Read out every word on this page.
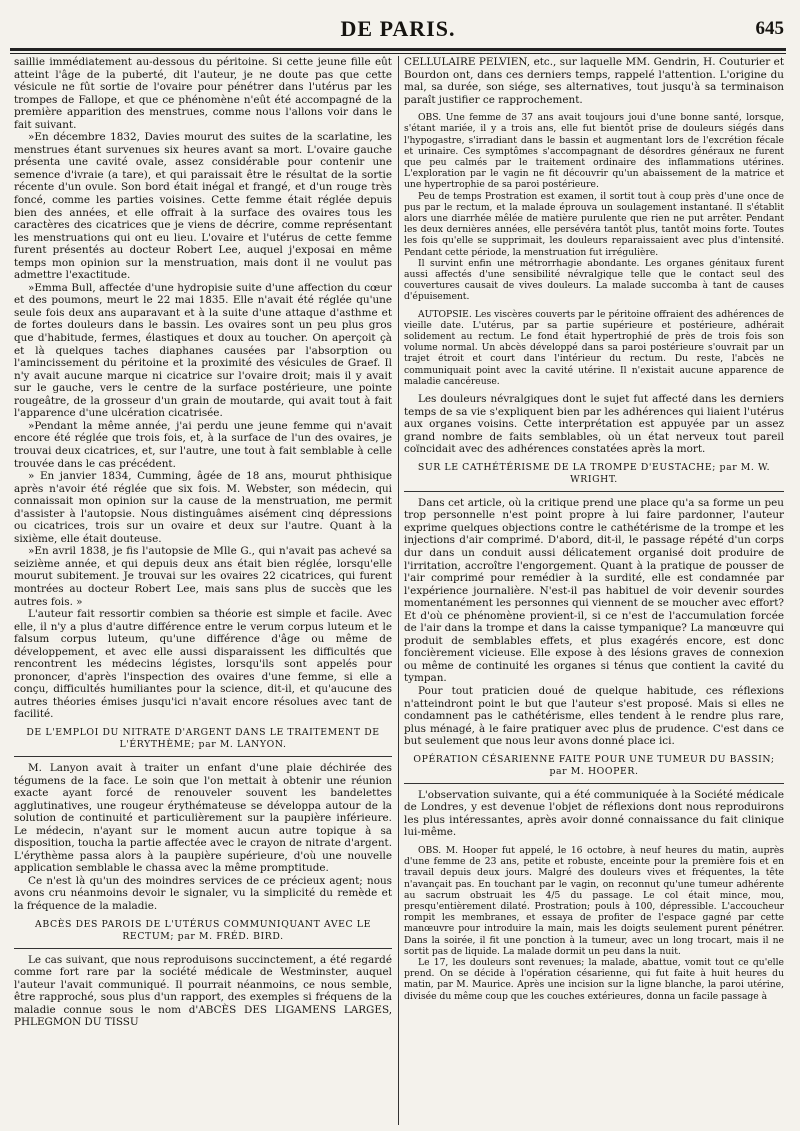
DE PARIS.	645

saillie immédiatement au-dessous du péritoine. Si cette jeune fille eût atteint l'âge de la puberté, dit l'auteur, je ne doute pas que cette vésicule ne fût sortie de l'ovaire pour pénétrer dans l'utérus par les trompes de Fallope, et que ce phénomène n'eût été accompagné de la première apparition des menstrues, comme nous l'allons voir dans le fait suivant.

»En décembre 1832, Davies mourut des suites de la scarlatine, les menstrues étant survenues six heures avant sa mort. L'ovaire gauche présenta une cavité ovale, assez considérable pour contenir une semence d'ivraie (a tare), et qui paraissait être le résultat de la sortie récente d'un ovule. Son bord était inégal et frangé, et d'un rouge très foncé, comme les parties voisines. Cette femme était réglée depuis bien des années, et elle offrait à la surface des ovaires tous les caractères des cicatrices que je viens de décrire, comme représentant les menstruations qui ont eu lieu. L'ovaire et l'utérus de cette femme furent présentés au docteur Robert Lee, auquel j'exposai en même temps mon opinion sur la menstruation, mais dont il ne voulut pas admettre l'exactitude.

»Emma Bull, affectée d'une hydropisie suite d'une affection du cœur et des poumons, meurt le 22 mai 1835. Elle n'avait été réglée qu'une seule fois deux ans auparavant et à la suite d'une attaque d'asthme et de fortes douleurs dans le bassin. Les ovaires sont un peu plus gros que d'habitude, fermes, élastiques et doux au toucher. On aperçoit çà et là quelques taches diaphanes causées par l'absorption ou l'amincissement du péritoine et la proximité des vésicules de Graef. Il n'y avait aucune marque ni cicatrice sur l'ovaire droit; mais il y avait sur le gauche, vers le centre de la surface postérieure, une pointe rougeâtre, de la grosseur d'un grain de moutarde, qui avait tout à fait l'apparence d'une ulcération cicatrisée.

»Pendant la même année, j'ai perdu une jeune femme qui n'avait encore été réglée que trois fois, et, à la surface de l'un des ovaires, je trouvai deux cicatrices, et, sur l'autre, une tout à fait semblable à celle trouvée dans le cas précédent.

» En janvier 1834, Cumming, âgée de 18 ans, mourut phthisique après n'avoir été réglée que six fois. M. Webster, son médecin, qui connaissait mon opinion sur la cause de la menstruation, me permit d'assister à l'autopsie. Nous distinguâmes aisément cinq dépressions ou cicatrices, trois sur un ovaire et deux sur l'autre. Quant à la sixième, elle était douteuse.

»En avril 1838, je fis l'autopsie de Mlle G., qui n'avait pas achevé sa seizième année, et qui depuis deux ans était bien réglée, lorsqu'elle mourut subitement. Je trouvai sur les ovaires 22 cicatrices, qui furent montrées au docteur Robert Lee, mais sans plus de succès que les autres fois. »

L'auteur fait ressortir combien sa théorie est simple et facile. Avec elle, il n'y a plus d'autre différence entre le verum corpus luteum et le falsum corpus luteum, qu'une différence d'âge ou même de développement, et avec elle aussi disparaissent les difficultés que rencontrent les médecins légistes, lorsqu'ils sont appelés pour prononcer, d'après l'inspection des ovaires d'une femme, si elle a conçu, difficultés humiliantes pour la science, dit-il, et qu'aucune des autres théories émises jusqu'ici n'avait encore résolues avec tant de facilité.

DE L'EMPLOI DU NITRATE D'ARGENT DANS LE TRAITEMENT DE L'ÉRYTHÈME; par M. LANYON.

M. Lanyon avait à traiter un enfant d'une plaie déchirée des tégumens de la face. Le soin que l'on mettait à obtenir une réunion exacte ayant forcé de renouveler souvent les bandelettes agglutinatives, une rougeur érythémateuse se développa autour de la solution de continuité et particulièrement sur la paupière inférieure. Le médecin, n'ayant sur le moment aucun autre topique à sa disposition, toucha la partie affectée avec le crayon de nitrate d'argent. L'érythème passa alors à la paupière supérieure, d'où une nouvelle application semblable le chassa avec la même promptitude.

Ce n'est là qu'un des moindres services de ce précieux agent; nous avons cru néanmoins devoir le signaler, vu la simplicité du remède et la fréquence de la maladie.

ABCÈS DES PAROIS DE L'UTÉRUS COMMUNIQUANT AVEC LE RECTUM; par M. FRÉD. BIRD.

Le cas suivant, que nous reproduisons succinctement, a été regardé comme fort rare par la société médicale de Westminster, auquel l'auteur l'avait communiqué. Il pourrait néanmoins, ce nous semble, être rapproché, sous plus d'un rapport, des exemples si fréquens de la maladie connue sous le nom d'ABCÈS DES LIGAMENS LARGES, PHLEGMON DU TISSU

CELLULAIRE PELVIEN, etc., sur laquelle MM. Gendrin, H. Couturier et Bourdon ont, dans ces derniers temps, rappelé l'attention. L'origine du mal, sa durée, son siége, ses alternatives, tout jusqu'à sa terminaison paraît justifier ce rapprochement.

OBS. Une femme de 37 ans avait toujours joui d'une bonne santé, lorsque, s'étant mariée, il y a trois ans, elle fut bientôt prise de douleurs siégés dans l'hypogastre, s'irradiant dans le bassin et augmentant lors de l'excrétion fécale et urinaire. Ces symptômes s'accompagnant de désordres généraux ne furent que peu calmés par le traitement ordinaire des inflammations utérines. L'exploration par le vagin ne fit découvrir qu'un abaissement de la matrice et une hypertrophie de sa paroi postérieure.

Peu de temps Prostration est examen, il sortit tout à coup près d'une once de pus par le rectum, et la malade éprouva un soulagement instantané. Il s'établit alors une diarrhée mêlée de matière purulente que rien ne put arrêter. Pendant les deux dernières années, elle persévéra tantôt plus, tantôt moins forte. Toutes les fois qu'elle se supprimait, les douleurs reparaissaient avec plus d'intensité. Pendant cette période, la menstruation fut irrégulière.

Il survint enfin une métrorrhagie abondante. Les organes génitaux furent aussi affectés d'une sensibilité névralgique telle que le contact seul des couvertures causait de vives douleurs. La malade succomba à tant de causes d'épuisement.

AUTOPSIE. Les viscères couverts par le péritoine offraient des adhérences de vieille date. L'utérus, par sa partie supérieure et postérieure, adhérait solidement au rectum. Le fond était hypertrophié de près de trois fois son volume normal. Un abcès développé dans sa paroi postérieure s'ouvrait par un trajet étroit et court dans l'intérieur du rectum. Du reste, l'abcès ne communiquait point avec la cavité utérine. Il n'existait aucune apparence de maladie cancéreuse.

Les douleurs névralgiques dont le sujet fut affecté dans les derniers temps de sa vie s'expliquent bien par les adhérences qui liaient l'utérus aux organes voisins. Cette interprétation est appuyée par un assez grand nombre de faits semblables, où un état nerveux tout pareil coïncidait avec des adhérences constatées après la mort.

SUR LE CATHÉTÉRISME DE LA TROMPE D'EUSTACHE; par M. W. WRIGHT.

Dans cet article, où la critique prend une place qu'a sa forme un peu trop personnelle n'est point propre à lui faire pardonner, l'auteur exprime quelques objections contre le cathétérisme de la trompe et les injections d'air comprimé. D'abord, dit-il, le passage répété d'un corps dur dans un conduit aussi délicatement organisé doit produire de l'irritation, accroître l'engorgement. Quant à la pratique de pousser de l'air comprimé pour remédier à la surdité, elle est condamnée par l'expérience journalière. N'est-il pas habituel de voir devenir sourdes momentanément les personnes qui viennent de se moucher avec effort? Et d'où ce phénomène provient-il, si ce n'est de l'accumulation forcée de l'air dans la trompe et dans la caisse tympanique? La manœuvre qui produit de semblables effets, et plus exagérés encore, est donc foncièrement vicieuse. Elle expose à des lésions graves de connexion ou même de continuité les organes si ténus que contient la cavité du tympan.

Pour tout praticien doué de quelque habitude, ces réflexions n'atteindront point le but que l'auteur s'est proposé. Mais si elles ne condamnent pas le cathétérisme, elles tendent à le rendre plus rare, plus ménagé, à le faire pratiquer avec plus de prudence. C'est dans ce but seulement que nous leur avons donné place ici.

OPÉRATION CÉSARIENNE FAITE POUR UNE TUMEUR DU BASSIN; par M. HOOPER.

L'observation suivante, qui a été communiquée à la Société médicale de Londres, y est devenue l'objet de réflexions dont nous reproduirons les plus intéressantes, après avoir donné connaissance du fait clinique lui-même.

OBS. M. Hooper fut appelé, le 16 octobre, à neuf heures du matin, auprès d'une femme de 23 ans, petite et robuste, enceinte pour la première fois et en travail depuis deux jours. Malgré des douleurs vives et fréquentes, la tête n'avançait pas. En touchant par le vagin, on reconnut qu'une tumeur adhérente au sacrum obstruait les 4/5 du passage. Le col était mince, mou, presqu'entièrement dilaté. Prostration; pouls à 100, dépressible. L'accoucheur rompit les membranes, et essaya de profiter de l'espace gagné par cette manœuvre pour introduire la main, mais les doigts seulement purent pénétrer. Dans la soirée, il fit une ponction à la tumeur, avec un long trocart, mais il ne sortit pas de liquide. La malade dormit un peu dans la nuit.

Le 17, les douleurs sont revenues; la malade, abattue, vomit tout ce qu'elle prend. On se décide à l'opération césarienne, qui fut faite à huit heures du matin, par M. Maurice. Après une incision sur la ligne blanche, la paroi utérine, divisée du même coup que les couches extérieures, donna un facile passage à
